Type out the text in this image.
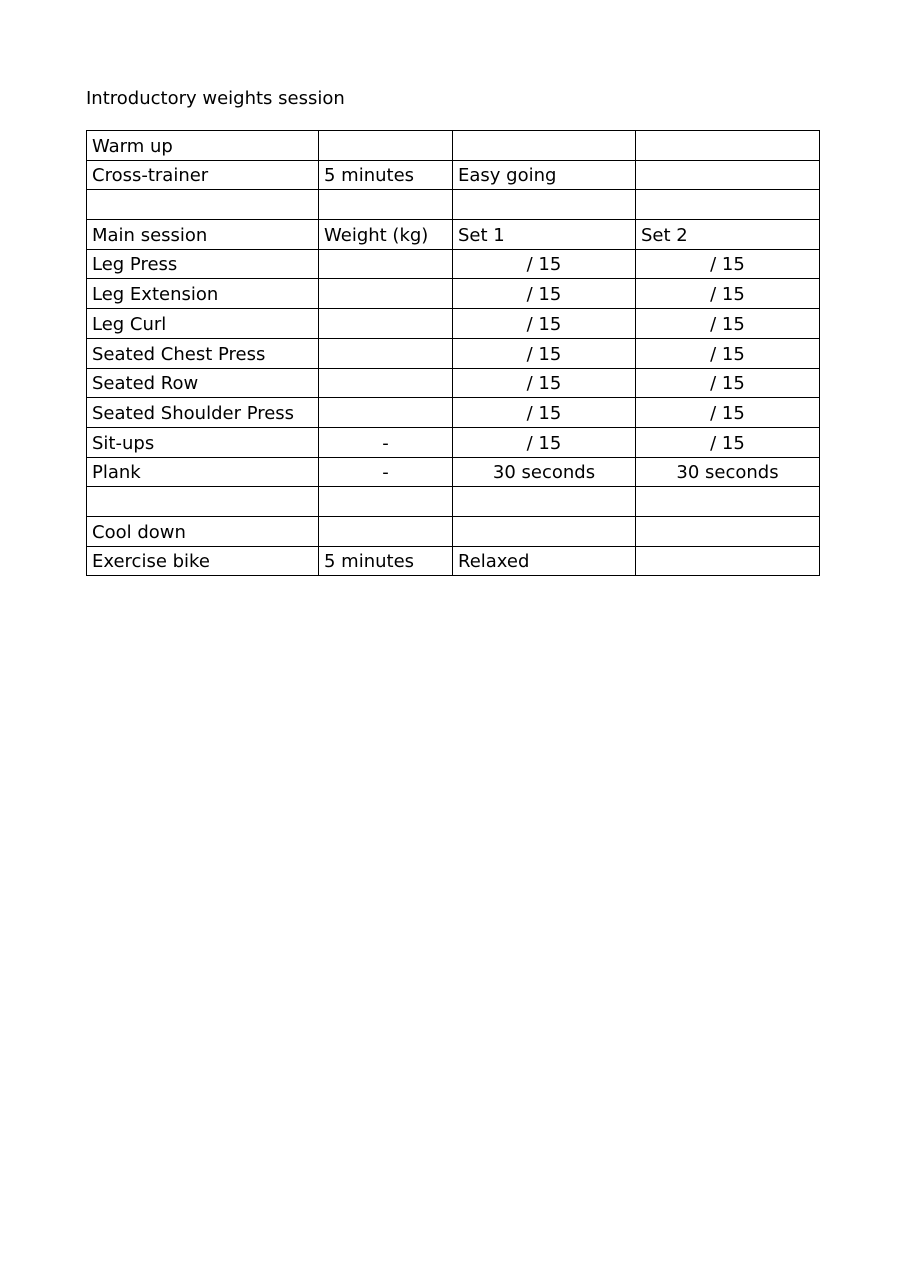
Introductory weights session
Warm up			
Cross-trainer	5 minutes	Easy going	

Main session	Weight (kg)	Set 1	Set 2
Leg Press		/ 15	/ 15
Leg Extension		/ 15	/ 15
Leg Curl		/ 15	/ 15
Seated Chest Press		/ 15	/ 15
Seated Row		/ 15	/ 15
Seated Shoulder Press		/ 15	/ 15
Sit-ups	-	/ 15	/ 15
Plank	-	30 seconds	30 seconds

Cool down			
Exercise bike	5 minutes	Relaxed	
